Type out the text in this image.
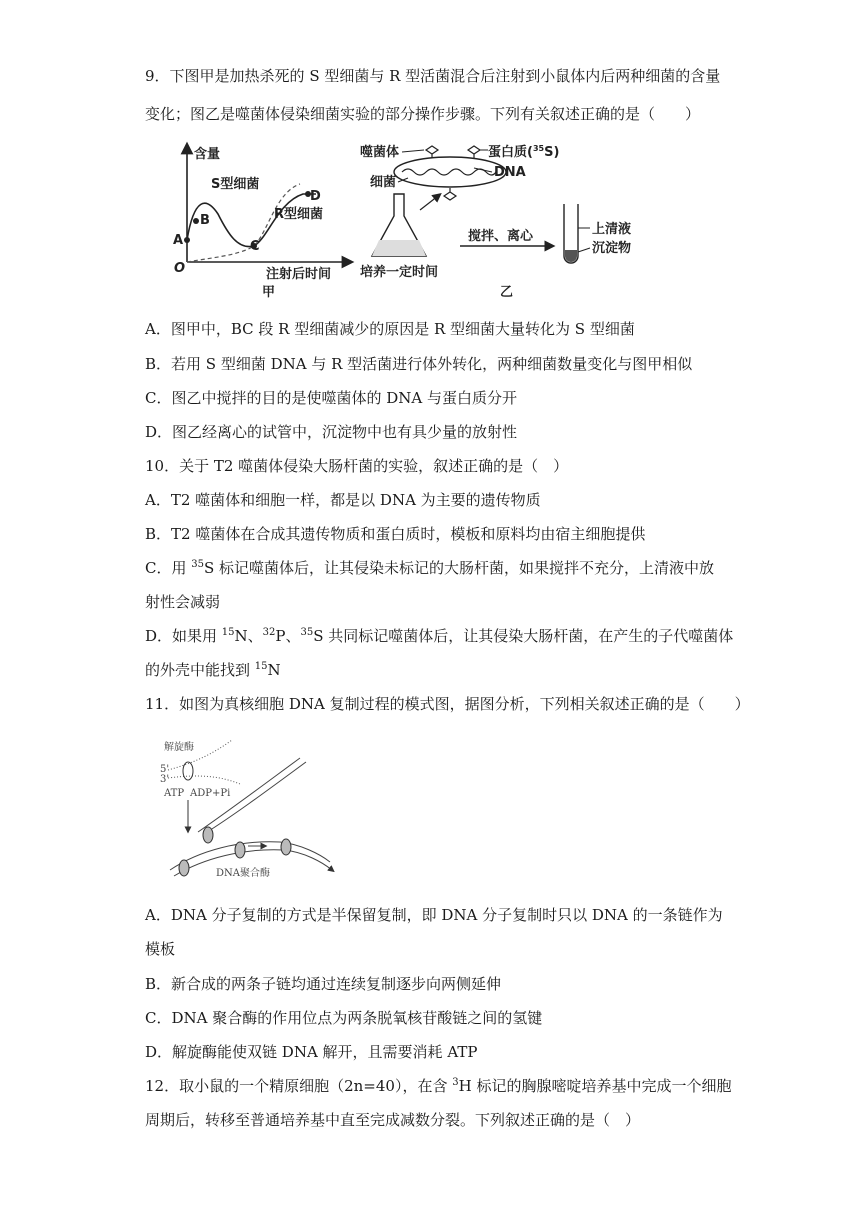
9．下图甲是加热杀死的 S 型细菌与 R 型活菌混合后注射到小鼠体内后两种细菌的含量
变化；图乙是噬菌体侵染细菌实验的部分操作步骤。下列有关叙述正确的是（　　）
含量
O
A
B
C
D
S型细菌
R型细菌
注射后时间
甲
噬菌体
细菌
蛋白质($^{35}$S)
DNA
培养一定时间
搅拌、离心	上清液
沉淀物
乙
A．图甲中，BC 段 R 型细菌减少的原因是 R 型细菌大量转化为 S 型细菌
B．若用 S 型细菌 DNA 与 R 型活菌进行体外转化，两种细菌数量变化与图甲相似
C．图乙中搅拌的目的是使噬菌体的 DNA 与蛋白质分开
D．图乙经离心的试管中，沉淀物中也有具少量的放射性
10．关于 T2 噬菌体侵染大肠杆菌的实验，叙述正确的是（　）
A．T2 噬菌体和细胞一样，都是以 DNA 为主要的遗传物质
B．T2 噬菌体在合成其遗传物质和蛋白质时，模板和原料均由宿主细胞提供
C．用 $^{35}$S 标记噬菌体后，让其侵染未标记的大肠杆菌，如果搅拌不充分，上清液中放
射性会减弱
D．如果用 $^{15}$N、$^{32}$P、$^{35}$S 共同标记噬菌体后，让其侵染大肠杆菌，在产生的子代噬菌体
的外壳中能找到 $^{15}$N
11．如图为真核细胞 DNA 复制过程的模式图，据图分析，下列相关叙述正确的是（　　）
解旋酶
5'
3'
ATP ADP+Pi
DNA聚合酶
A．DNA 分子复制的方式是半保留复制，即 DNA 分子复制时只以 DNA 的一条链作为
模板
B．新合成的两条子链均通过连续复制逐步向两侧延伸
C．DNA 聚合酶的作用位点为两条脱氧核苷酸链之间的氢键
D．解旋酶能使双链 DNA 解开，且需要消耗 ATP
12．取小鼠的一个精原细胞（2n=40），在含 $^3$H 标记的胸腺嘧啶培养基中完成一个细胞
周期后，转移至普通培养基中直至完成减数分裂。下列叙述正确的是（　）
